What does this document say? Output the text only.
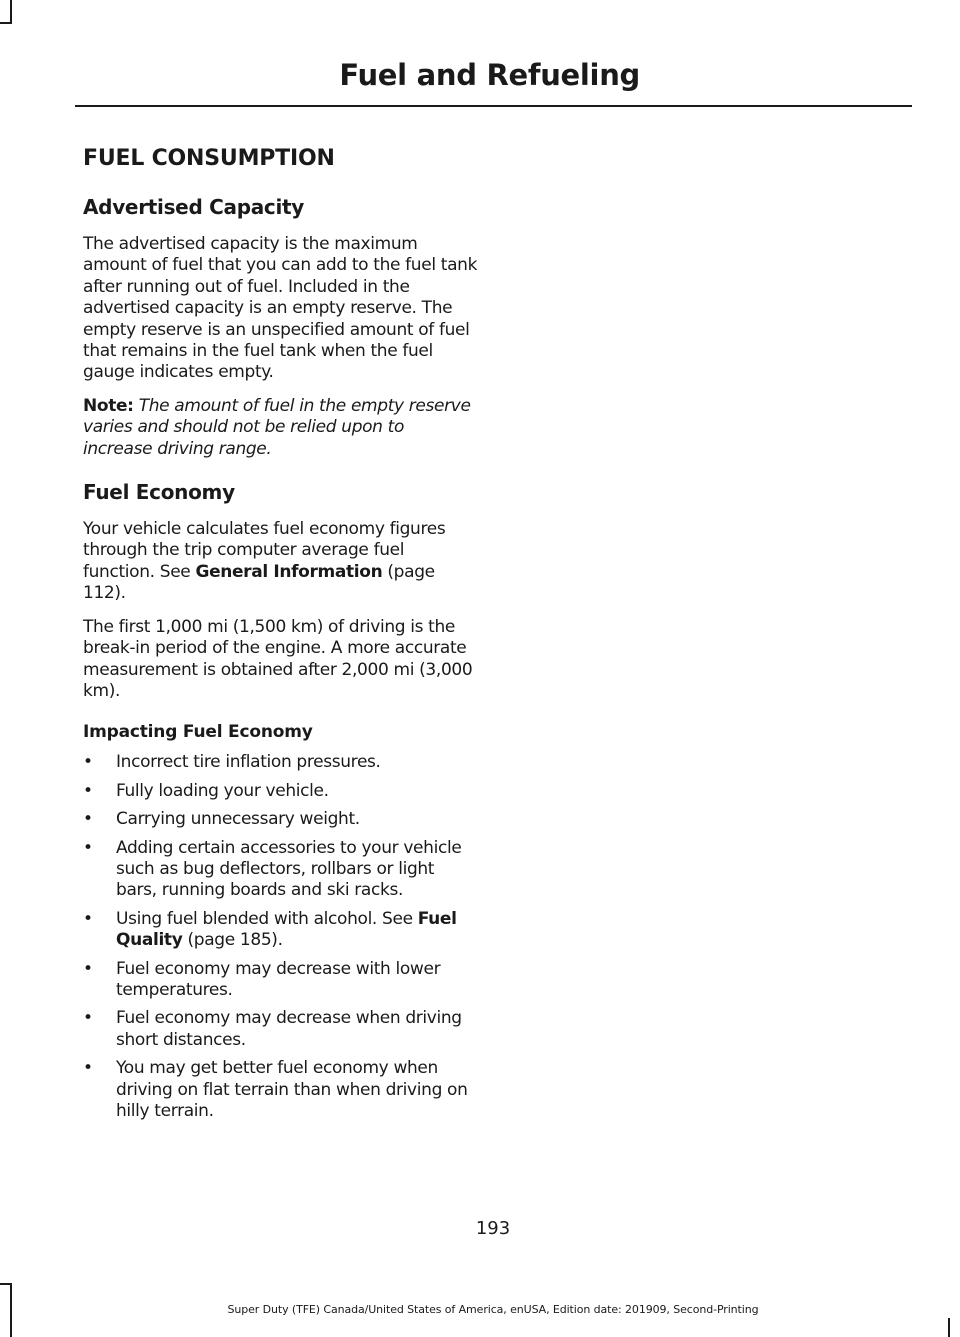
Fuel and Refueling
FUEL CONSUMPTION
Advertised Capacity

The advertised capacity is the maximum amount of fuel that you can add to the fuel tank after running out of fuel. Included in the advertised capacity is an empty reserve. The empty reserve is an unspecified amount of fuel that remains in the fuel tank when the fuel gauge indicates empty.

Note: The amount of fuel in the empty reserve varies and should not be relied upon to increase driving range.

Fuel Economy

Your vehicle calculates fuel economy figures through the trip computer average fuel function. See General Information (page 112).

The first 1,000 mi (1,500 km) of driving is the break-in period of the engine. A more accurate measurement is obtained after 2,000 mi (3,000 km).

Impacting Fuel Economy
• Incorrect tire inflation pressures.
• Fully loading your vehicle.
• Carrying unnecessary weight.
• Adding certain accessories to your vehicle such as bug deflectors, rollbars or light bars, running boards and ski racks.
• Using fuel blended with alcohol. See Fuel Quality (page 185).
• Fuel economy may decrease with lower temperatures.
• Fuel economy may decrease when driving short distances.
• You may get better fuel economy when driving on flat terrain than when driving on hilly terrain.
193
Super Duty (TFE) Canada/United States of America, enUSA, Edition date: 201909, Second-Printing
